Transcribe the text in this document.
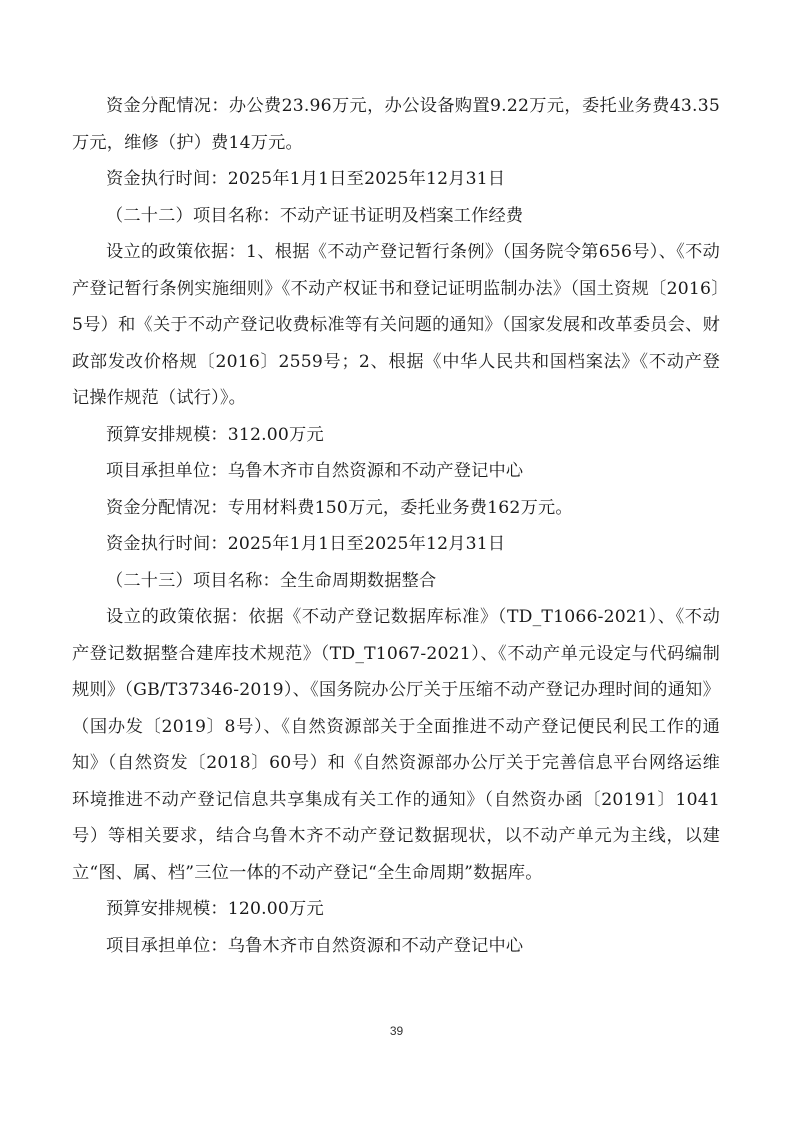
资金分配情况：办公费23.96万元，办公设备购置9.22万元，委托业务费43.35万元，维修（护）费14万元。

资金执行时间：2025年1月1日至2025年12月31日

（二十二）项目名称：不动产证书证明及档案工作经费

设立的政策依据：1、根据《不动产登记暂行条例》（国务院令第656号）、《不动产登记暂行条例实施细则》《不动产权证书和登记证明监制办法》（国土资规〔2016〕5号）和《关于不动产登记收费标准等有关问题的通知》（国家发展和改革委员会、财政部发改价格规〔2016〕2559号；2、根据《中华人民共和国档案法》《不动产登记操作规范（试行）》。

预算安排规模：312.00万元

项目承担单位：乌鲁木齐市自然资源和不动产登记中心

资金分配情况：专用材料费150万元，委托业务费162万元。

资金执行时间：2025年1月1日至2025年12月31日

（二十三）项目名称：全生命周期数据整合

设立的政策依据：依据《不动产登记数据库标准》（TD_T1066-2021）、《不动产登记数据整合建库技术规范》（TD_T1067-2021）、《不动产单元设定与代码编制规则》（GB/T37346-2019）、《国务院办公厅关于压缩不动产登记办理时间的通知》（国办发〔2019〕8号）、《自然资源部关于全面推进不动产登记便民利民工作的通知》（自然资发〔2018〕60号）和《自然资源部办公厅关于完善信息平台网络运维环境推进不动产登记信息共享集成有关工作的通知》（自然资办函〔20191〕1041号）等相关要求，结合乌鲁木齐不动产登记数据现状，以不动产单元为主线，以建立“图、属、档”三位一体的不动产登记“全生命周期”数据库。

预算安排规模：120.00万元

项目承担单位：乌鲁木齐市自然资源和不动产登记中心

39
